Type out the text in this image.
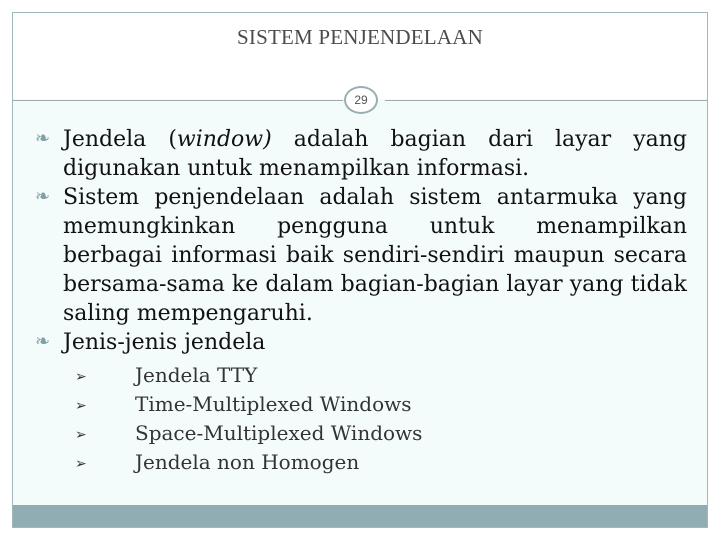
SISTEM PENJENDELAAN
29
❧ Jendela (window) adalah bagian dari layar yang digunakan untuk menampilkan informasi.
❧ Sistem penjendelaan adalah sistem antarmuka yang memungkinkan pengguna untuk menampilkan berbagai informasi baik sendiri-sendiri maupun secara bersama-sama ke dalam bagian-bagian layar yang tidak saling mempengaruhi.
❧ Jenis-jenis jendela
➢ Jendela TTY
➢ Time-Multiplexed Windows
➢ Space-Multiplexed Windows
➢ Jendela non Homogen
